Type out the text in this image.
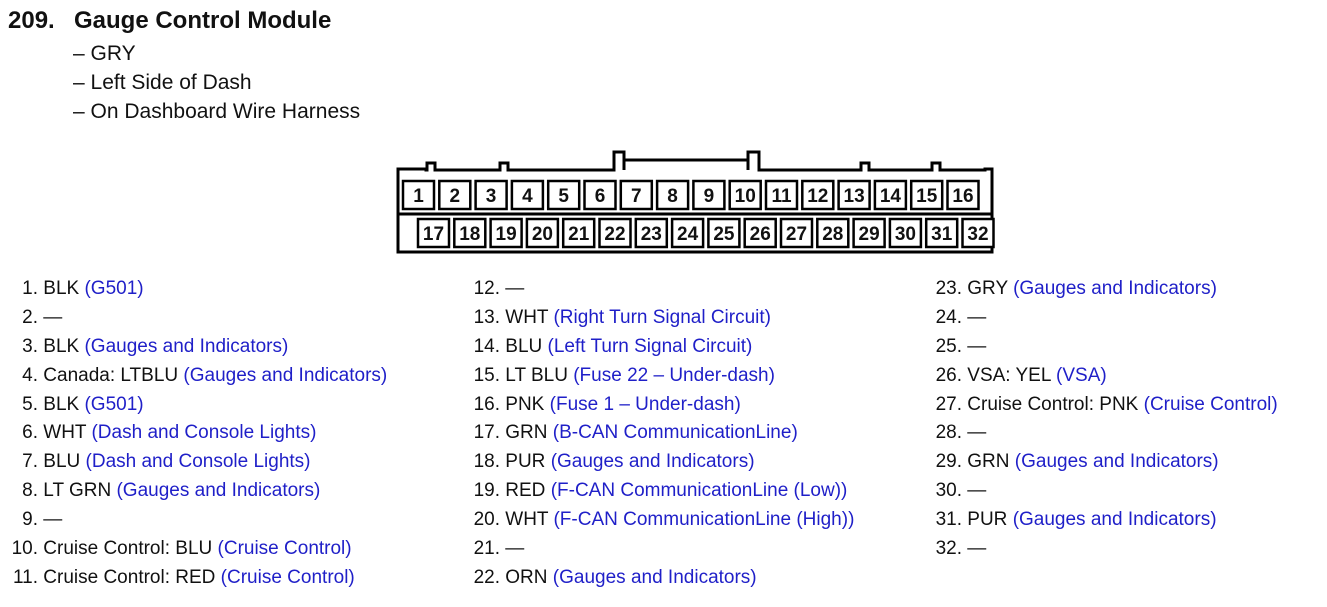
209. Gauge Control Module
– GRY
– Left Side of Dash
– On Dashboard Wire Harness
1 2 3 4 5 6 7 8 9 10 11 12 13 14 15 16
17 18 19 20 21 22 23 24 25 26 27 28 29 30 31 32
1. BLK (G501)
2. —
3. BLK (Gauges and Indicators)
4. Canada: LTBLU (Gauges and Indicators)
5. BLK (G501)
6. WHT (Dash and Console Lights)
7. BLU (Dash and Console Lights)
8. LT GRN (Gauges and Indicators)
9. —
10. Cruise Control: BLU (Cruise Control)
11. Cruise Control: RED (Cruise Control)
12. —
13. WHT (Right Turn Signal Circuit)
14. BLU (Left Turn Signal Circuit)
15. LT BLU (Fuse 22 – Under-dash)
16. PNK (Fuse 1 – Under-dash)
17. GRN (B-CAN CommunicationLine)
18. PUR (Gauges and Indicators)
19. RED (F-CAN CommunicationLine (Low))
20. WHT (F-CAN CommunicationLine (High))
21. —
22. ORN (Gauges and Indicators)
23. GRY (Gauges and Indicators)
24. —
25. —
26. VSA: YEL (VSA)
27. Cruise Control: PNK (Cruise Control)
28. —
29. GRN (Gauges and Indicators)
30. —
31. PUR (Gauges and Indicators)
32. —
